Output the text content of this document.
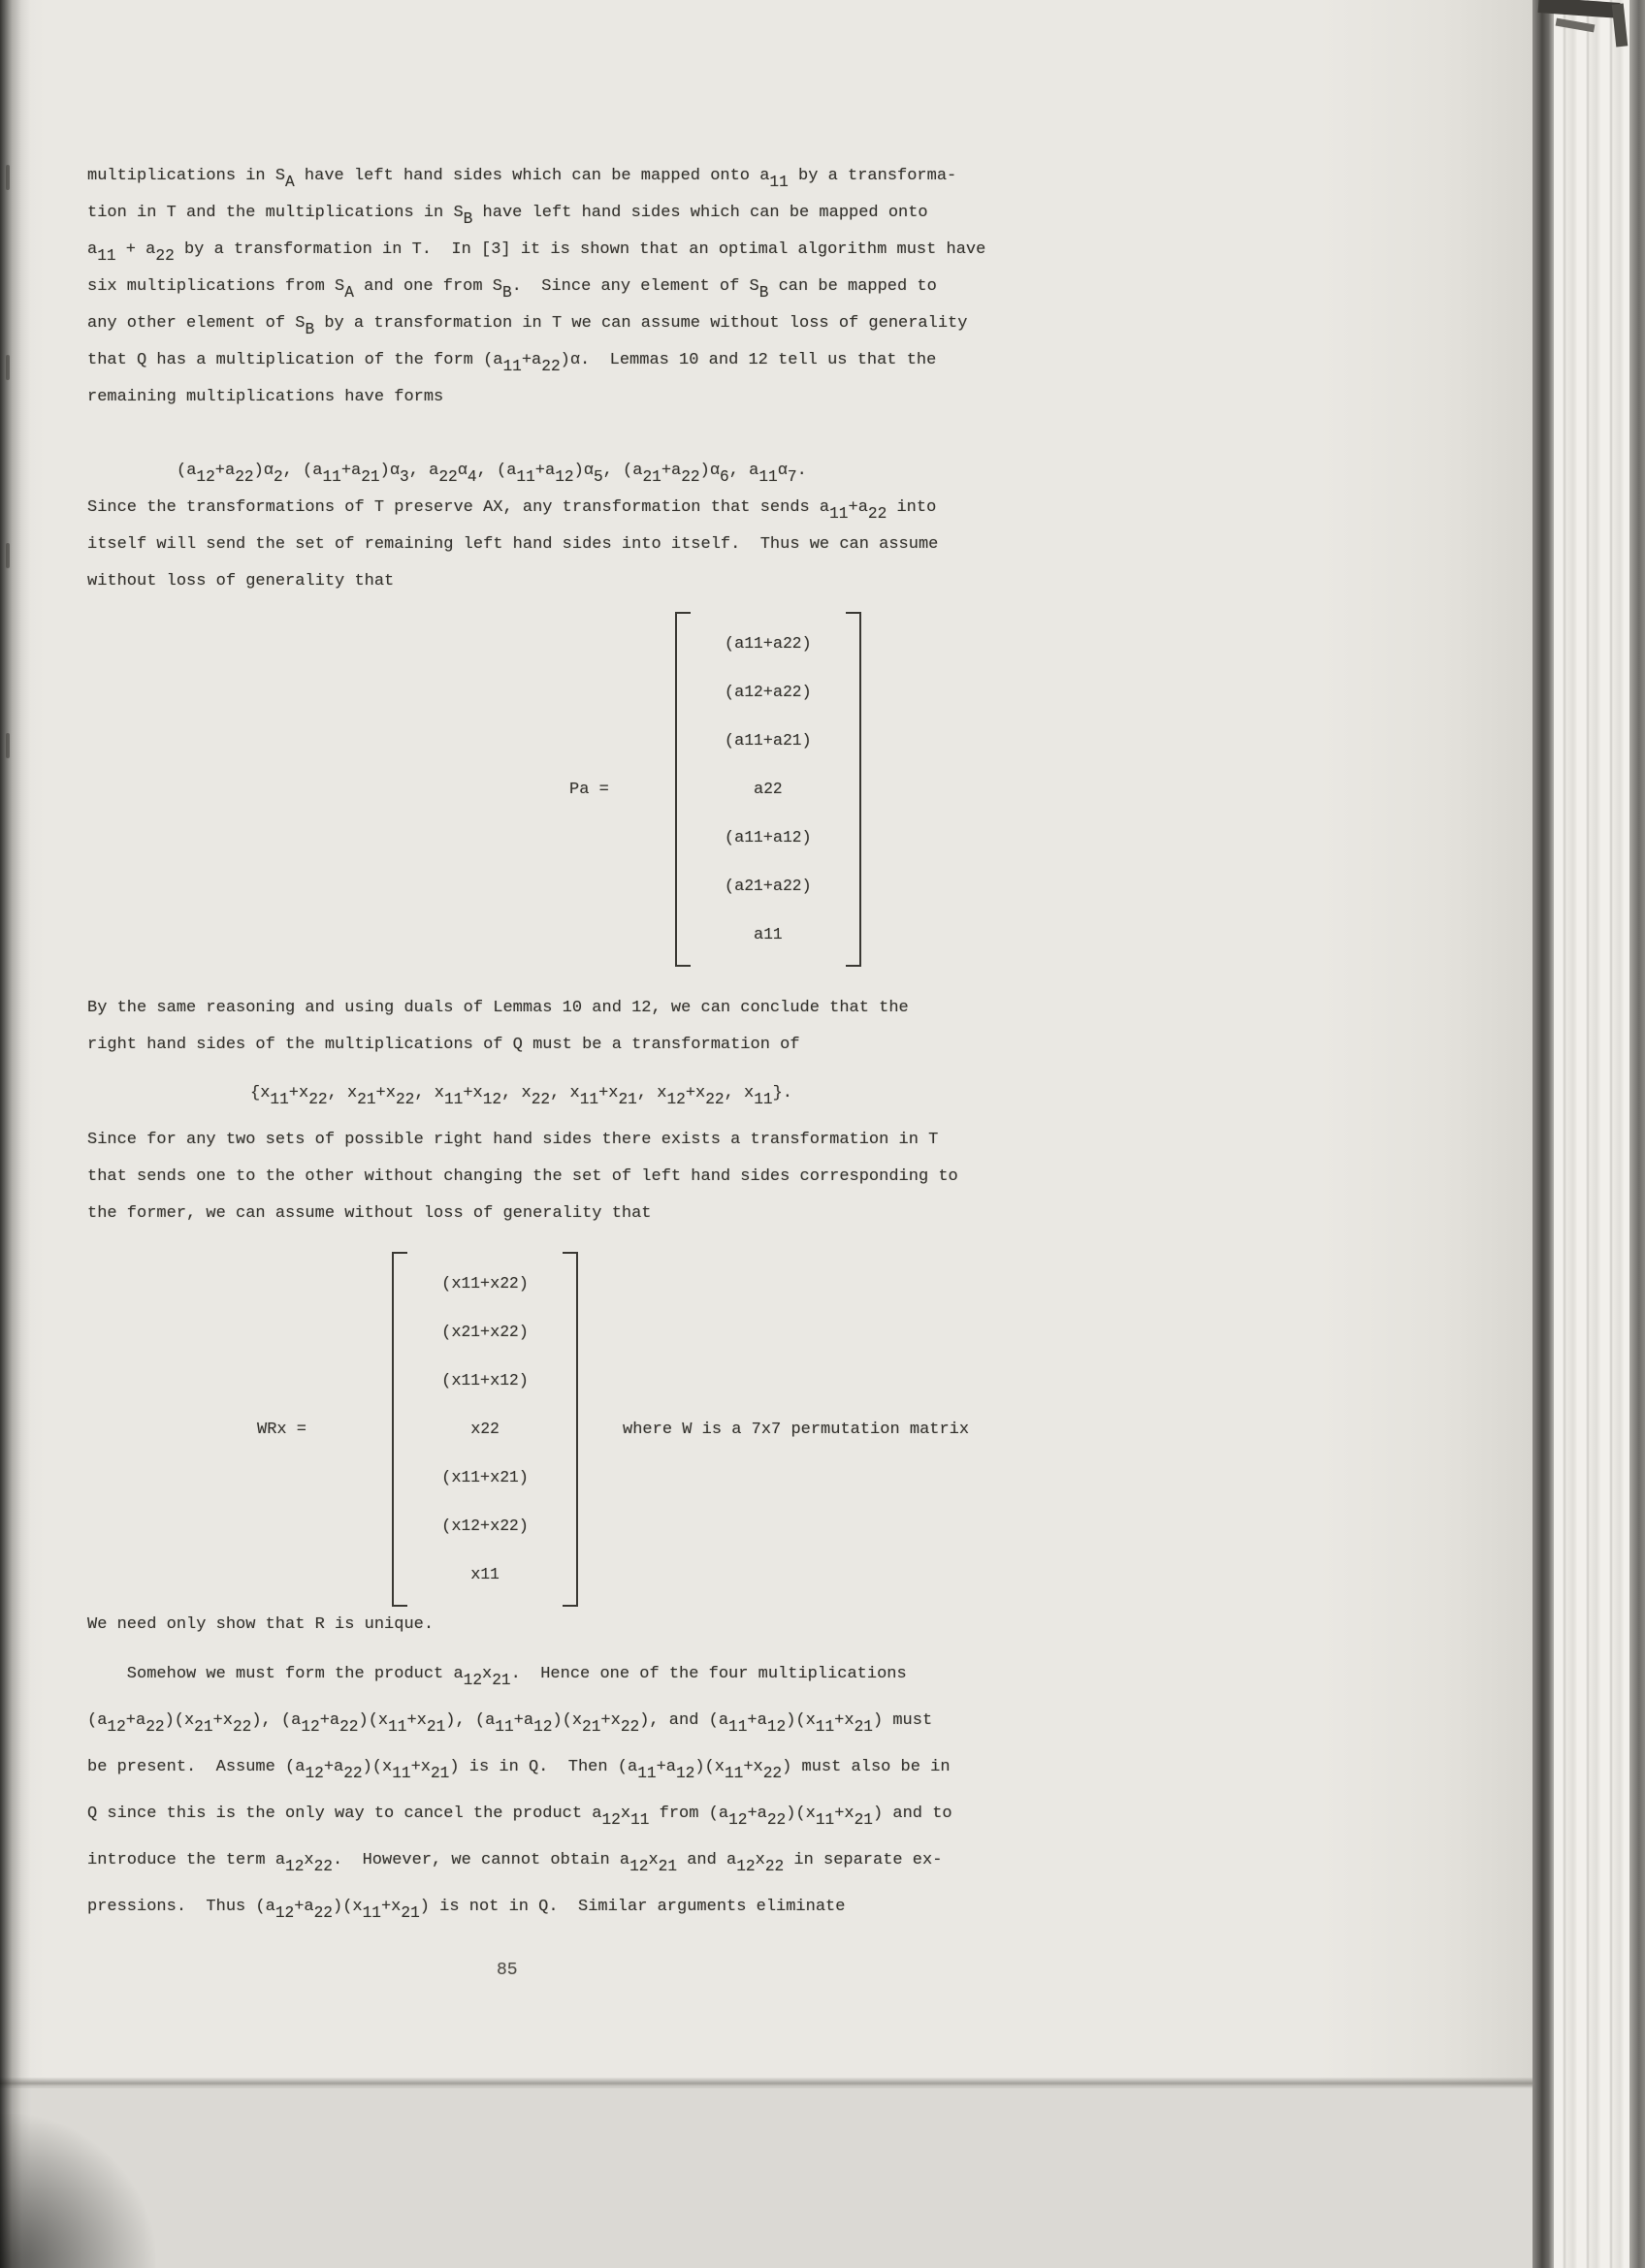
multiplications in $S_A$ have left hand sides which can be mapped onto $a_{11}$ by a transforma-
tion in T and the multiplications in $S_B$ have left hand sides which can be mapped onto
$a_{11} + a_{22}$ by a transformation in T.  In [3] it is shown that an optimal algorithm must have
six multiplications from $S_A$ and one from $S_B$.  Since any element of $S_B$ can be mapped to
any other element of $S_B$ by a transformation in T we can assume without loss of generality
that Q has a multiplication of the form $(a_{11}+a_{22})\alpha$.  Lemmas 10 and 12 tell us that the
remaining multiplications have forms
$(a_{12}+a_{22})\alpha_2$, $(a_{11}+a_{21})\alpha_3$, $a_{22}\alpha_4$, $(a_{11}+a_{12})\alpha_5$, $(a_{21}+a_{22})\alpha_6$, $a_{11}\alpha_7$.
Since the transformations of T preserve AX, any transformation that sends $a_{11}+a_{22}$ into
itself will send the set of remaining left hand sides into itself.  Thus we can assume
without loss of generality that
Pa =
(a 11 +a 22 )
(a 12 +a 22 )
(a 11 +a 21 )
a 22
(a 11 +a 12 )
(a 21 +a 22 )
a 11
By the same reasoning and using duals of Lemmas 10 and 12, we can conclude that the
right hand sides of the multiplications of Q must be a transformation of
{$x_{11}+x_{22}$, $x_{21}+x_{22}$, $x_{11}+x_{12}$, $x_{22}$, $x_{11}+x_{21}$, $x_{12}+x_{22}$, $x_{11}$}.
Since for any two sets of possible right hand sides there exists a transformation in T
that sends one to the other without changing the set of left hand sides corresponding to
the former, we can assume without loss of generality that
WRx =
(x 11 +x 22 )
(x 21 +x 22 )
(x 11 +x 12 )
x 22
(x 11 +x 21 )
(x 12 +x 22 )
x 11
where W is a 7x7 permutation matrix
We need only show that R is unique.
Somehow we must form the product $a_{12}x_{21}$.  Hence one of the four multiplications
$(a_{12}+a_{22})(x_{21}+x_{22})$, $(a_{12}+a_{22})(x_{11}+x_{21})$, $(a_{11}+a_{12})(x_{21}+x_{22})$, and $(a_{11}+a_{12})(x_{11}+x_{21})$ must
be present.  Assume $(a_{12}+a_{22})(x_{11}+x_{21})$ is in Q.  Then $(a_{11}+a_{12})(x_{11}+x_{22})$ must also be in
Q since this is the only way to cancel the product $a_{12}x_{11}$ from $(a_{12}+a_{22})(x_{11}+x_{21})$ and to
introduce the term $a_{12}x_{22}$.  However, we cannot obtain $a_{12}x_{21}$ and $a_{12}x_{22}$ in separate ex-
pressions.  Thus $(a_{12}+a_{22})(x_{11}+x_{21})$ is not in Q.  Similar arguments eliminate
85
